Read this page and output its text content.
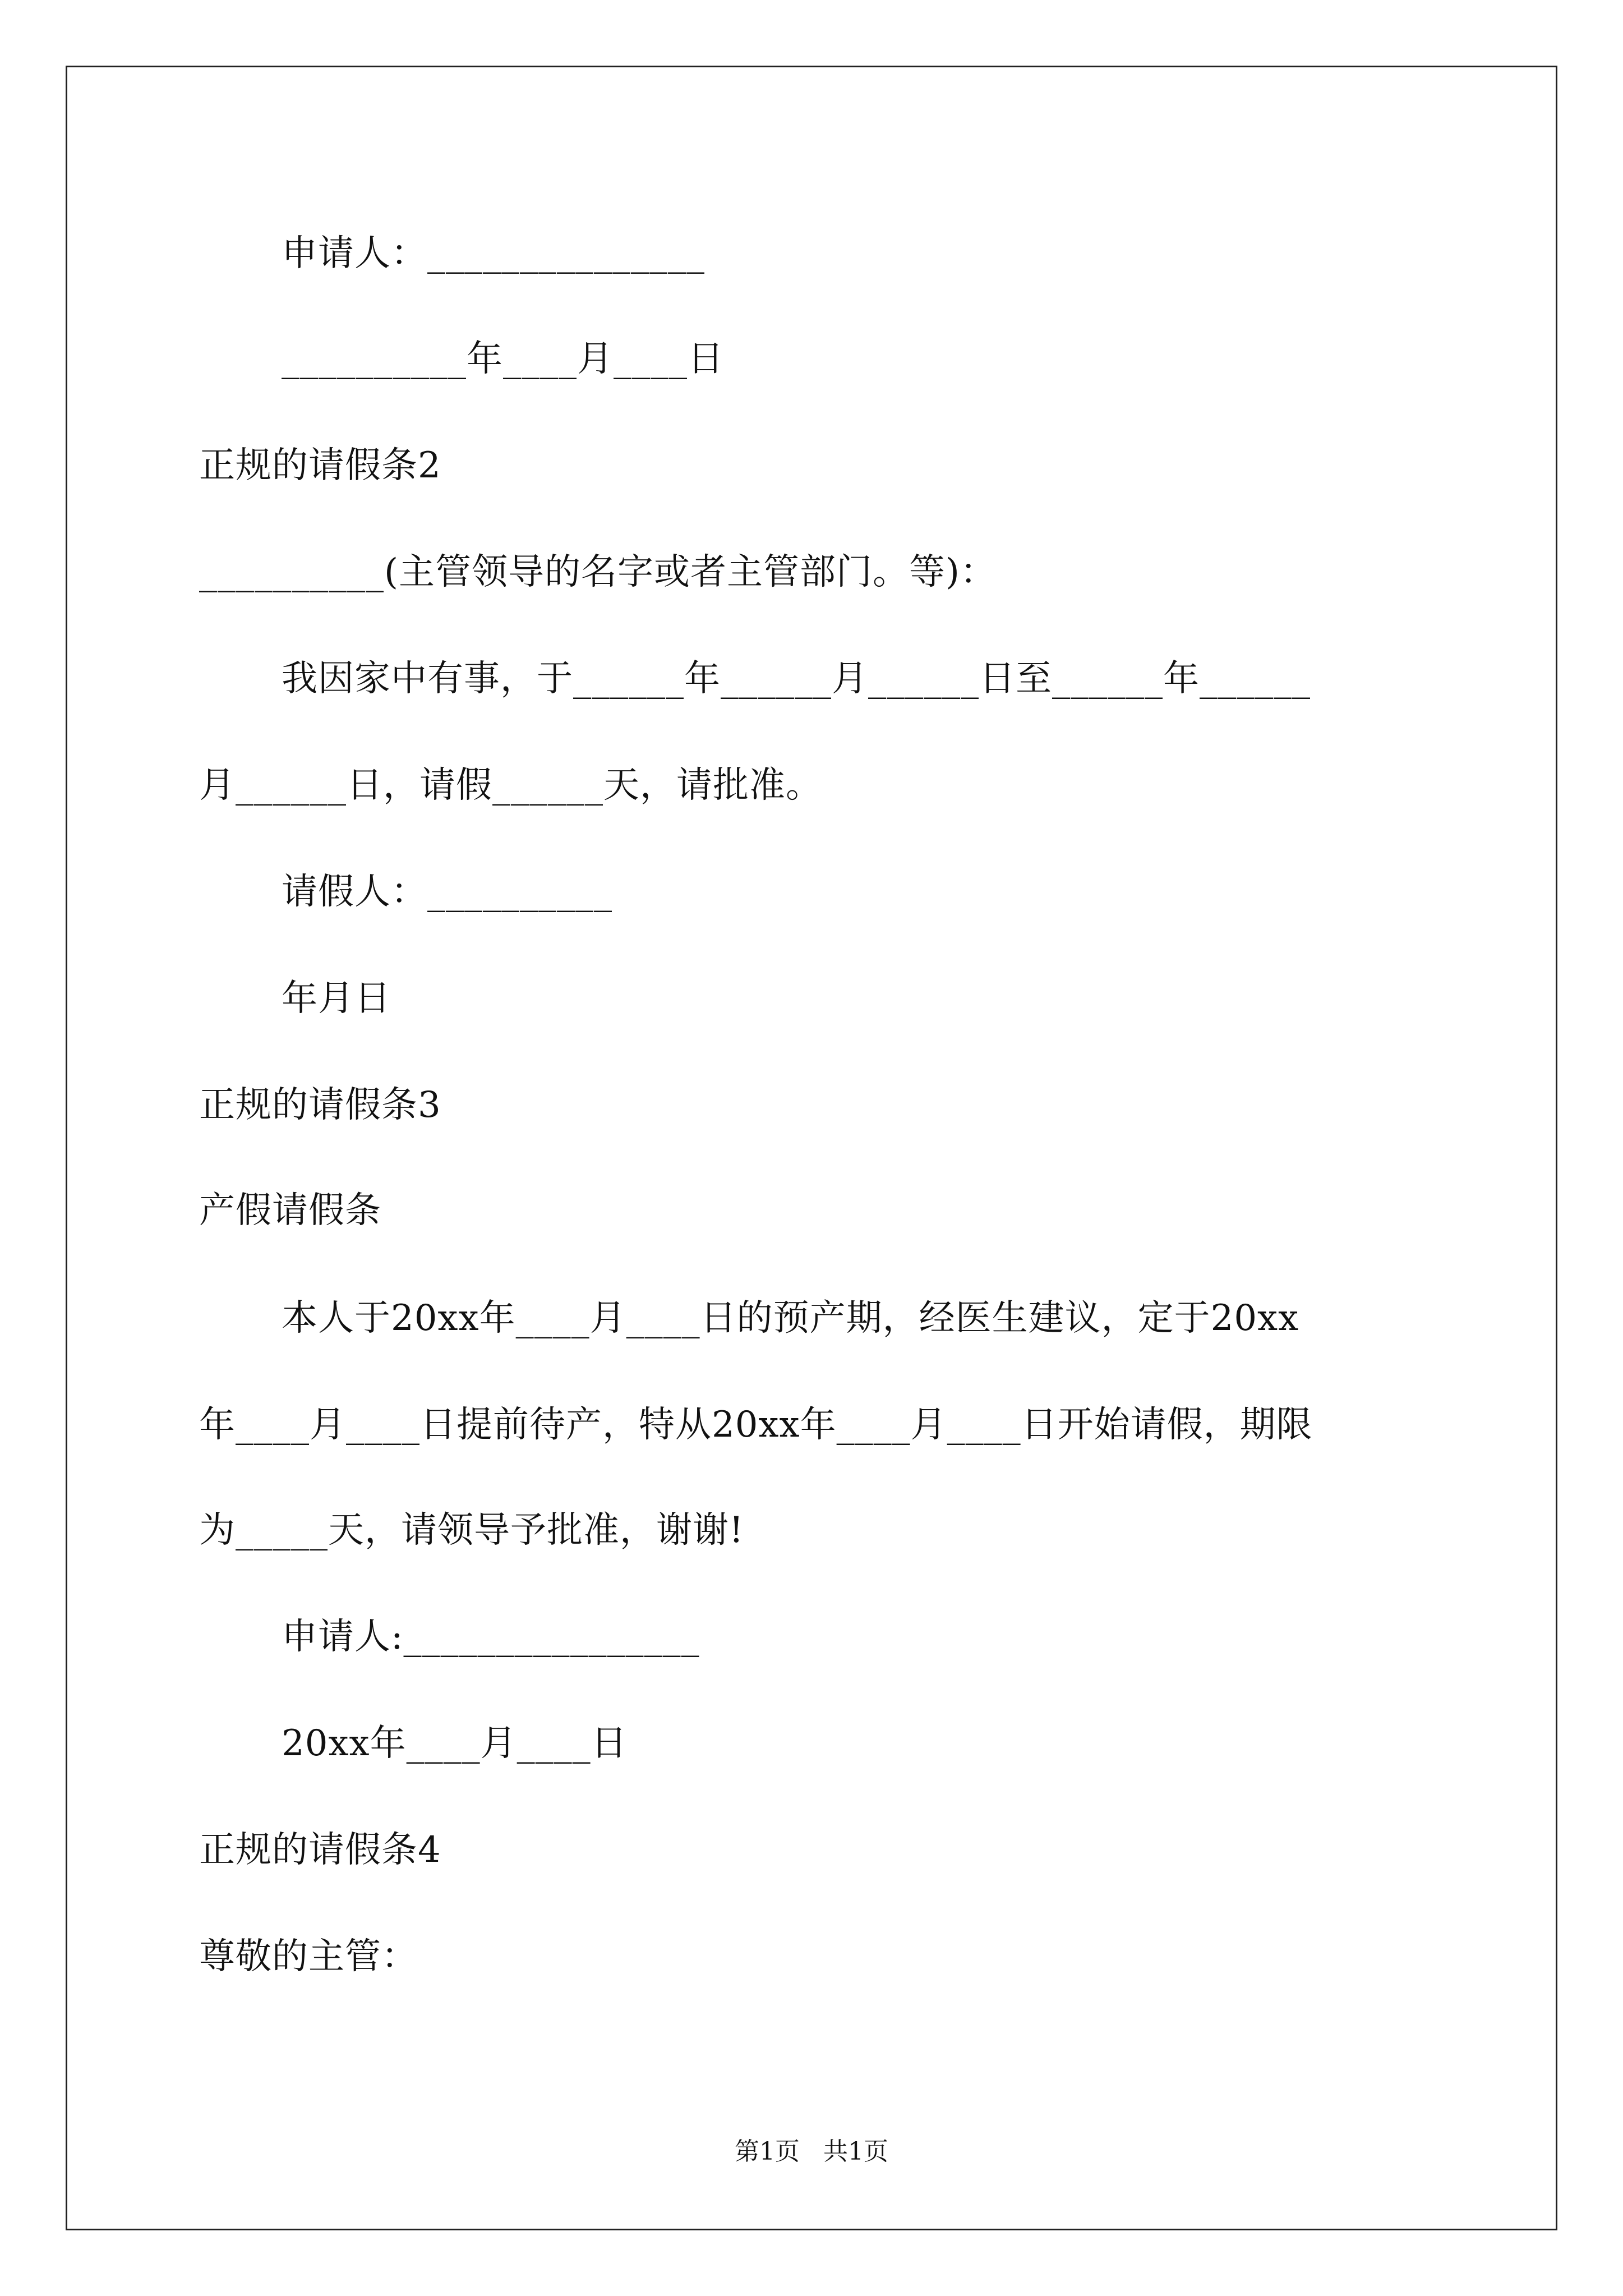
申请人：_______________
__________年____月____日
正规的请假条2
__________(主管领导的名字或者主管部门。等)：
我因家中有事，于______年______月______日至______年______
月______日，请假______天，请批准。
请假人：__________
年月日
正规的请假条3
产假请假条
本人于20xx年____月____日的预产期，经医生建议，定于20xx
年____月____日提前待产，特从20xx年____月____日开始请假，期限
为_____天，请领导予批准，谢谢!
申请人:________________
20xx年____月____日
正规的请假条4
尊敬的主管：
第1页   共1页
